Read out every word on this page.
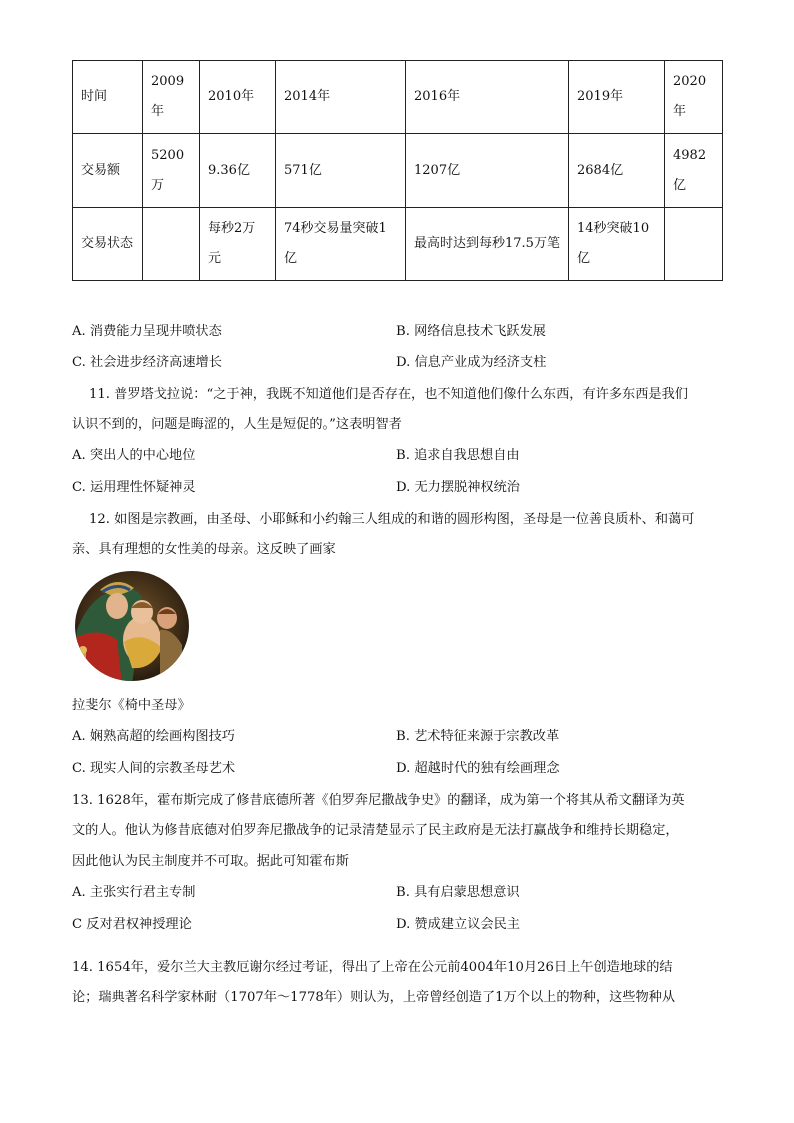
时间	2009年	2010年	2014年	2016年	2019年	2020年
交易额	5200万	9.36亿	571亿	1207亿	2684亿	4982亿
交易状态		每秒2万元	74秒交易量突破1亿	最高时达到每秒17.5万笔	14秒突破10亿	
A. 消费能力呈现井喷状态	B. 网络信息技术飞跃发展
C. 社会进步经济高速增长	D. 信息产业成为经济支柱
11. 普罗塔戈拉说：“之于神，我既不知道他们是否存在，也不知道他们像什么东西，有许多东西是我们
认识不到的，问题是晦涩的，人生是短促的。”这表明智者
A. 突出人的中心地位	B. 追求自我思想自由
C. 运用理性怀疑神灵	D. 无力摆脱神权统治
12. 如图是宗教画，由圣母、小耶稣和小约翰三人组成的和谐的圆形构图，圣母是一位善良质朴、和蔼可
亲、具有理想的女性美的母亲。这反映了画家
拉斐尔《椅中圣母》
A. 娴熟高超的绘画构图技巧	B. 艺术特征来源于宗教改革
C. 现实人间的宗教圣母艺术	D. 超越时代的独有绘画理念
13. 1628年，霍布斯完成了修昔底德所著《伯罗奔尼撒战争史》的翻译，成为第一个将其从希文翻译为英
文的人。他认为修昔底德对伯罗奔尼撒战争的记录清楚显示了民主政府是无法打赢战争和维持长期稳定，
因此他认为民主制度并不可取。据此可知霍布斯
A. 主张实行君主专制	B. 具有启蒙思想意识
C 反对君权神授理论	D. 赞成建立议会民主
14. 1654年，爱尔兰大主教厄谢尔经过考证，得出了上帝在公元前4004年10月26日上午创造地球的结
论；瑞典著名科学家林耐（1707年～1778年）则认为，上帝曾经创造了1万个以上的物种，这些物种从
